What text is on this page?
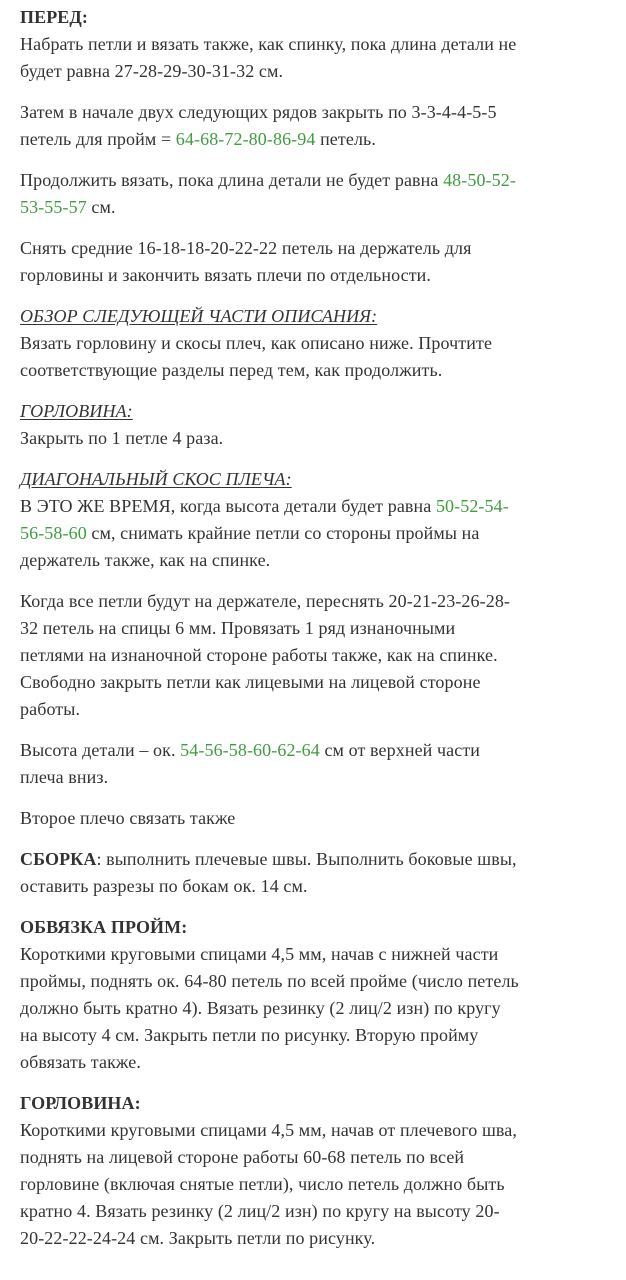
ПЕРЕД:
Набрать петли и вязать также, как спинку, пока длина детали не
будет равна 27-28-29-30-31-32 см.
Затем в начале двух следующих рядов закрыть по 3-3-4-4-5-5
петель для пройм = 64-68-72-80-86-94 петель.
Продолжить вязать, пока длина детали не будет равна 48-50-52-
53-55-57 см.
Снять средние 16-18-18-20-22-22 петель на держатель для
горловины и закончить вязать плечи по отдельности.
ОБЗОР СЛЕДУЮЩЕЙ ЧАСТИ ОПИСАНИЯ:
Вязать горловину и скосы плеч, как описано ниже. Прочтите
соответствующие разделы перед тем, как продолжить.
ГОРЛОВИНА:
Закрыть по 1 петле 4 раза.
ДИАГОНАЛЬНЫЙ СКОС ПЛЕЧА:
В ЭТО ЖЕ ВРЕМЯ, когда высота детали будет равна 50-52-54-
56-58-60 см, снимать крайние петли со стороны проймы на
держатель также, как на спинке.
Когда все петли будут на держателе, переснять 20-21-23-26-28-
32 петель на спицы 6 мм. Провязать 1 ряд изнаночными
петлями на изнаночной стороне работы также, как на спинке.
Свободно закрыть петли как лицевыми на лицевой стороне
работы.
Высота детали – ок. 54-56-58-60-62-64 см от верхней части
плеча вниз.
Второе плечо связать также
СБОРКА: выполнить плечевые швы. Выполнить боковые швы,
оставить разрезы по бокам ок. 14 см.
ОБВЯЗКА ПРОЙМ:
Короткими круговыми спицами 4,5 мм, начав с нижней части
проймы, поднять ок. 64-80 петель по всей пройме (число петель
должно быть кратно 4). Вязать резинку (2 лиц/2 изн) по кругу
на высоту 4 см. Закрыть петли по рисунку. Вторую пройму
обвязать также.
ГОРЛОВИНА:
Короткими круговыми спицами 4,5 мм, начав от плечевого шва,
поднять на лицевой стороне работы 60-68 петель по всей
горловине (включая снятые петли), число петель должно быть
кратно 4. Вязать резинку (2 лиц/2 изн) по кругу на высоту 20-
20-22-22-24-24 см. Закрыть петли по рисунку.
